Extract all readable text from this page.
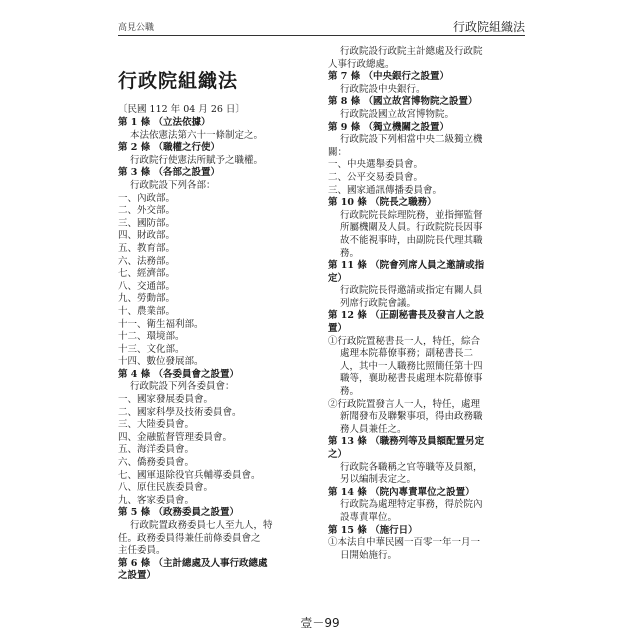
高見公職	行政院組織法
行政院組織法
〔民國 112 年 04 月 26 日〕
第 1 條 （立法依據）
本法依憲法第六十一條制定之。
第 2 條 （職權之行使）
行政院行使憲法所賦予之職權。
第 3 條 （各部之設置）
行政院設下列各部：
一、內政部。
二、外交部。
三、國防部。
四、財政部。
五、教育部。
六、法務部。
七、經濟部。
八、交通部。
九、勞動部。
十、農業部。
十一、衛生福利部。
十二、環境部。
十三、文化部。
十四、數位發展部。
第 4 條 （各委員會之設置）
行政院設下列各委員會：
一、國家發展委員會。
二、國家科學及技術委員會。
三、大陸委員會。
四、金融監督管理委員會。
五、海洋委員會。
六、僑務委員會。
七、國軍退除役官兵輔導委員會。
八、原住民族委員會。
九、客家委員會。
第 5 條 （政務委員之設置）
行政院置政務委員七人至九人，特
任。政務委員得兼任前條委員會之
主任委員。
第 6 條 （主計總處及人事行政總處
之設置）
行政院設行政院主計總處及行政院
人事行政總處。
第 7 條 （中央銀行之設置）
行政院設中央銀行。
第 8 條 （國立故宮博物院之設置）
行政院設國立故宮博物院。
第 9 條 （獨立機關之設置）
行政院設下列相當中央二級獨立機
關：
一、中央選舉委員會。
二、公平交易委員會。
三、國家通訊傳播委員會。
第 10 條 （院長之職務）
行政院院長綜理院務，並指揮監督
所屬機關及人員。行政院院長因事
故不能視事時，由副院長代理其職
務。
第 11 條 （院會列席人員之邀請或指
定）
行政院院長得邀請或指定有關人員
列席行政院會議。
第 12 條 （正副秘書長及發言人之設
置）
①行政院置秘書長一人，特任，綜合
處理本院幕僚事務；副秘書長二
人，其中一人職務比照簡任第十四
職等，襄助秘書長處理本院幕僚事
務。
②行政院置發言人一人，特任，處理
新聞發布及聯繫事項，得由政務職
務人員兼任之。
第 13 條 （職務列等及員額配置另定
之）
行政院各職稱之官等職等及員額，
另以編制表定之。
第 14 條 （院內專責單位之設置）
行政院為處理特定事務，得於院內
設專責單位。
第 15 條 （施行日）
①本法自中華民國一百零一年一月一
日開始施行。
壹－99
